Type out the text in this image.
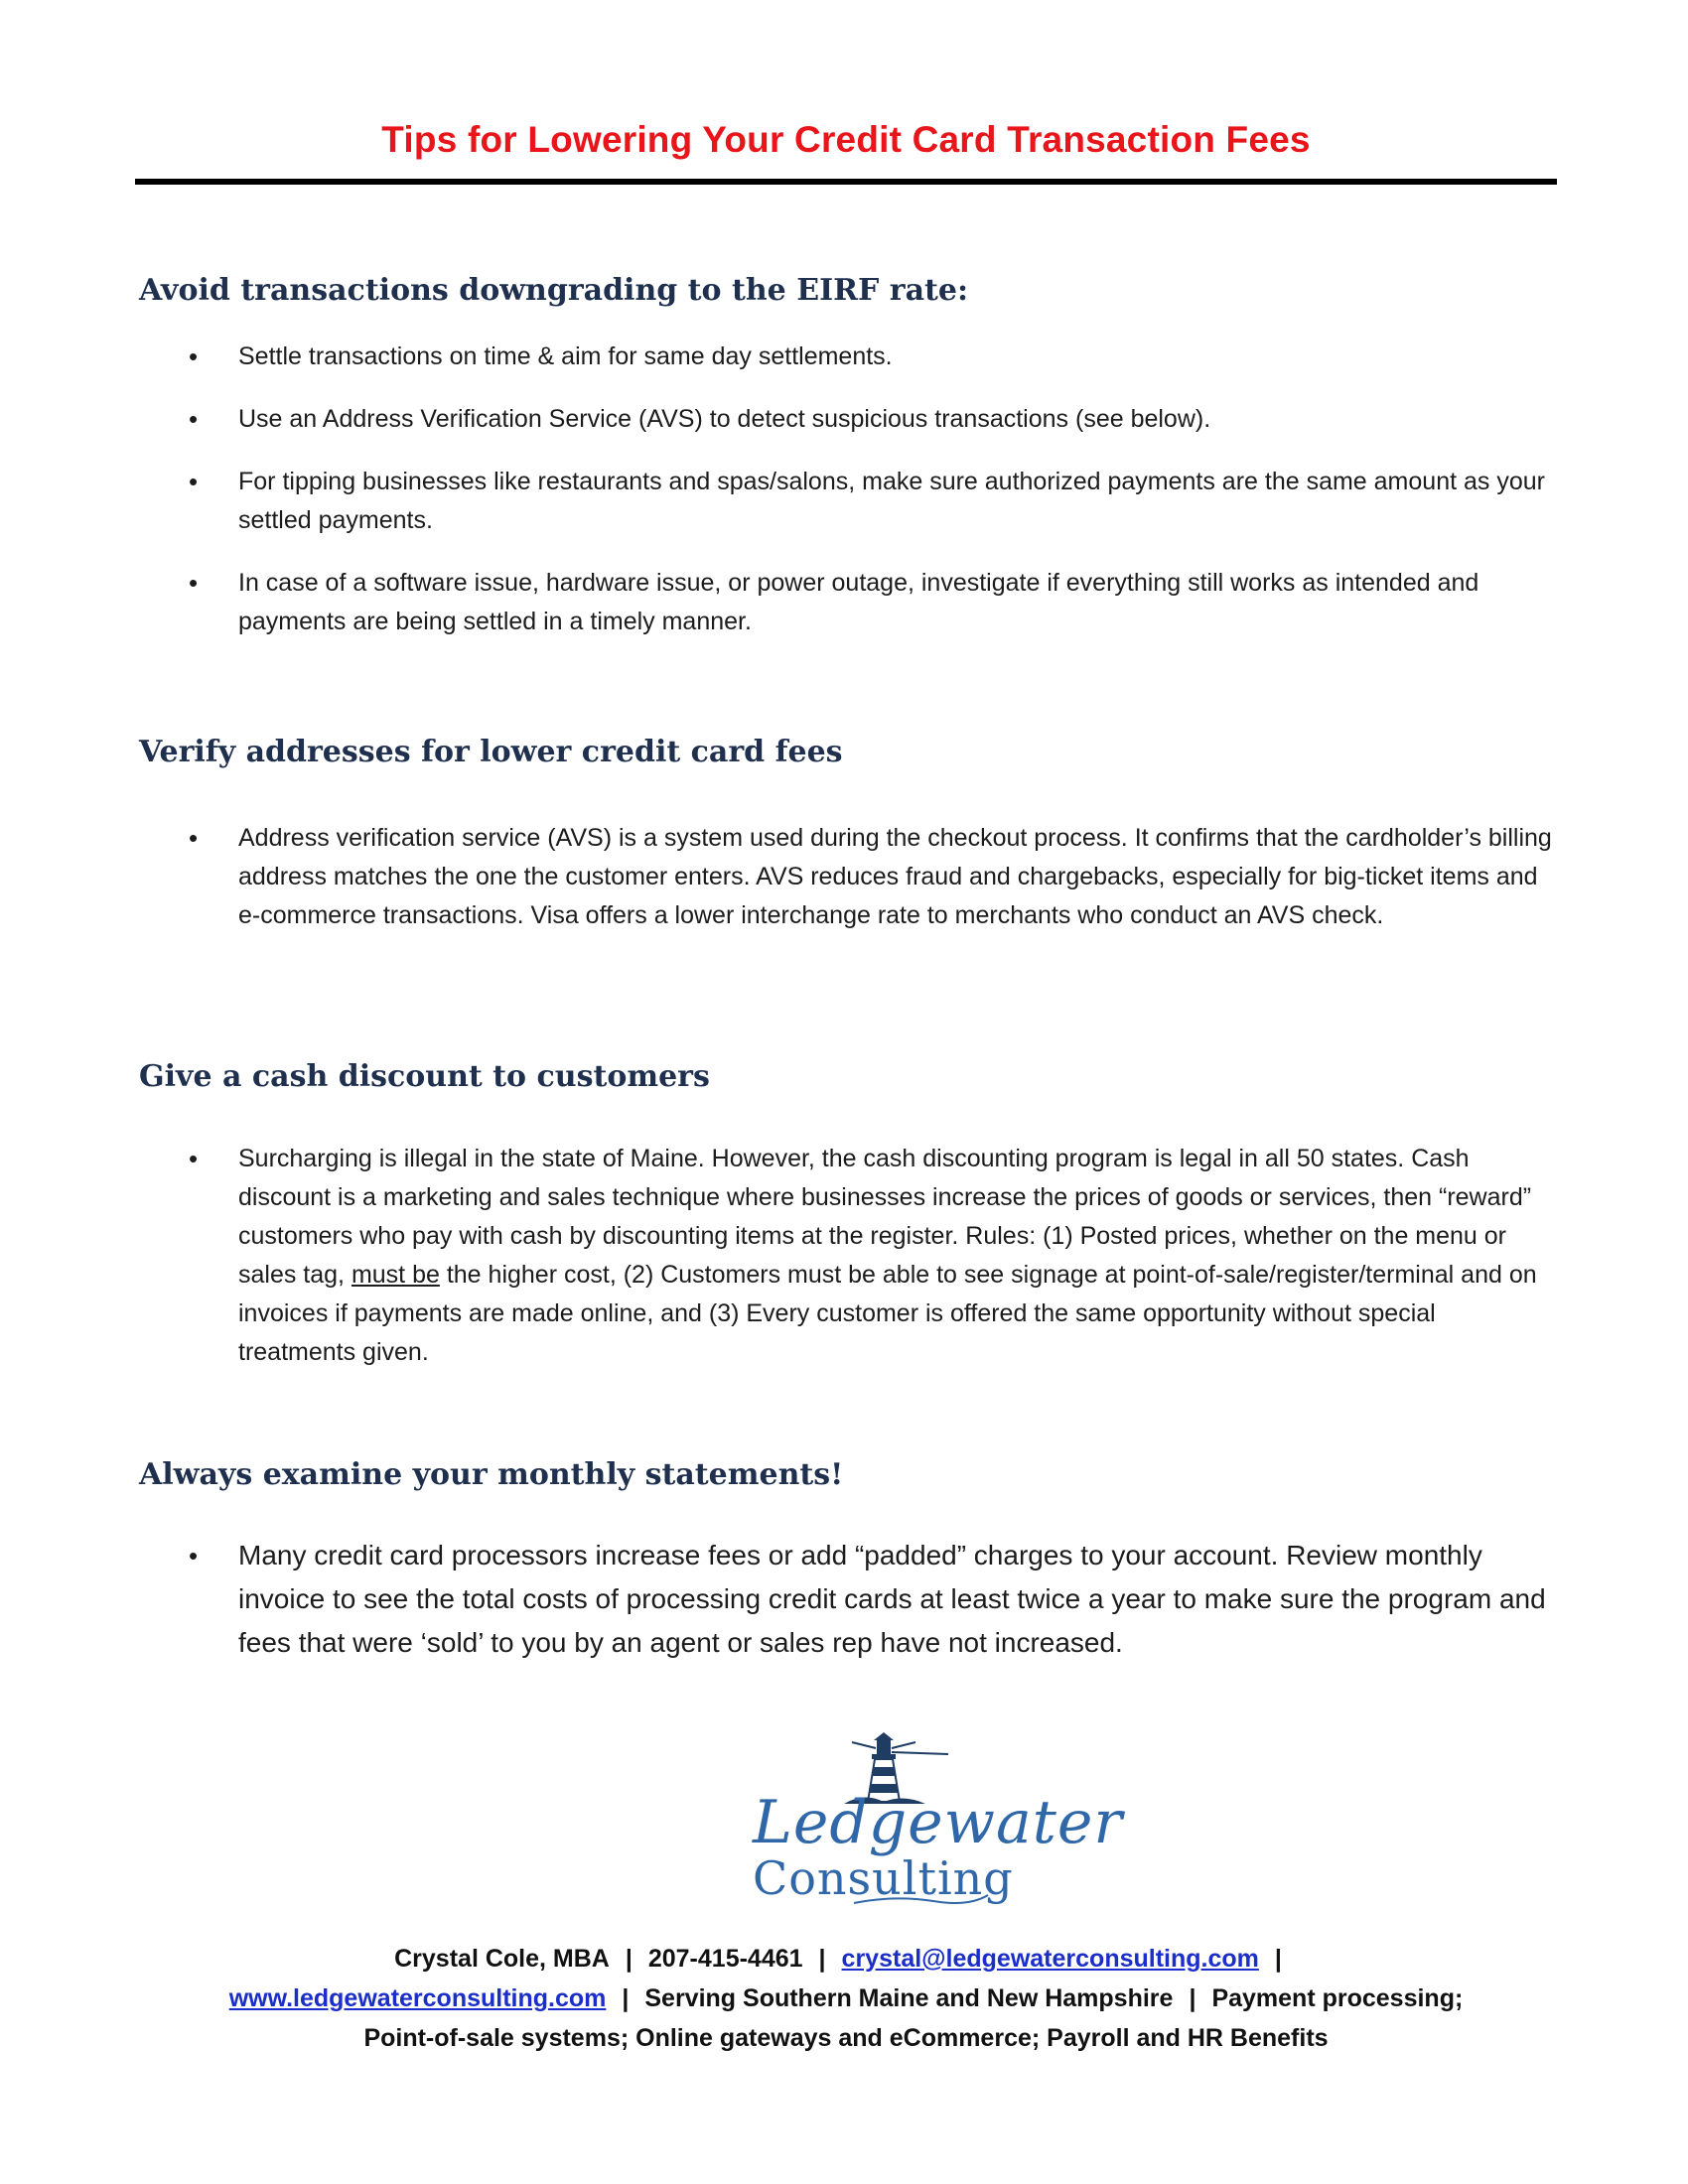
Tips for Lowering Your Credit Card Transaction Fees
Avoid transactions downgrading to the EIRF rate:
• Settle transactions on time & aim for same day settlements.
• Use an Address Verification Service (AVS) to detect suspicious transactions (see below).
• For tipping businesses like restaurants and spas/salons, make sure authorized payments are the same amount as your settled payments.
• In case of a software issue, hardware issue, or power outage, investigate if everything still works as intended and payments are being settled in a timely manner.
Verify addresses for lower credit card fees
• Address verification service (AVS) is a system used during the checkout process. It confirms that the cardholder’s billing address matches the one the customer enters. AVS reduces fraud and chargebacks, especially for big-ticket items and e-commerce transactions. Visa offers a lower interchange rate to merchants who conduct an AVS check.
Give a cash discount to customers
• Surcharging is illegal in the state of Maine. However, the cash discounting program is legal in all 50 states. Cash discount is a marketing and sales technique where businesses increase the prices of goods or services, then “reward” customers who pay with cash by discounting items at the register. Rules: (1) Posted prices, whether on the menu or sales tag, must be the higher cost, (2) Customers must be able to see signage at point-of-sale/register/terminal and on invoices if payments are made online, and (3) Every customer is offered the same opportunity without special treatments given.
Always examine your monthly statements!
• Many credit card processors increase fees or add “padded” charges to your account. Review monthly invoice to see the total costs of processing credit cards at least twice a year to make sure the program and fees that were ‘sold’ to you by an agent or sales rep have not increased.
Ledgewater
Consulting
Crystal Cole, MBA | 207-415-4461 | crystal@ledgewaterconsulting.com |
www.ledgewaterconsulting.com | Serving Southern Maine and New Hampshire | Payment processing;
Point-of-sale systems; Online gateways and eCommerce; Payroll and HR Benefits
